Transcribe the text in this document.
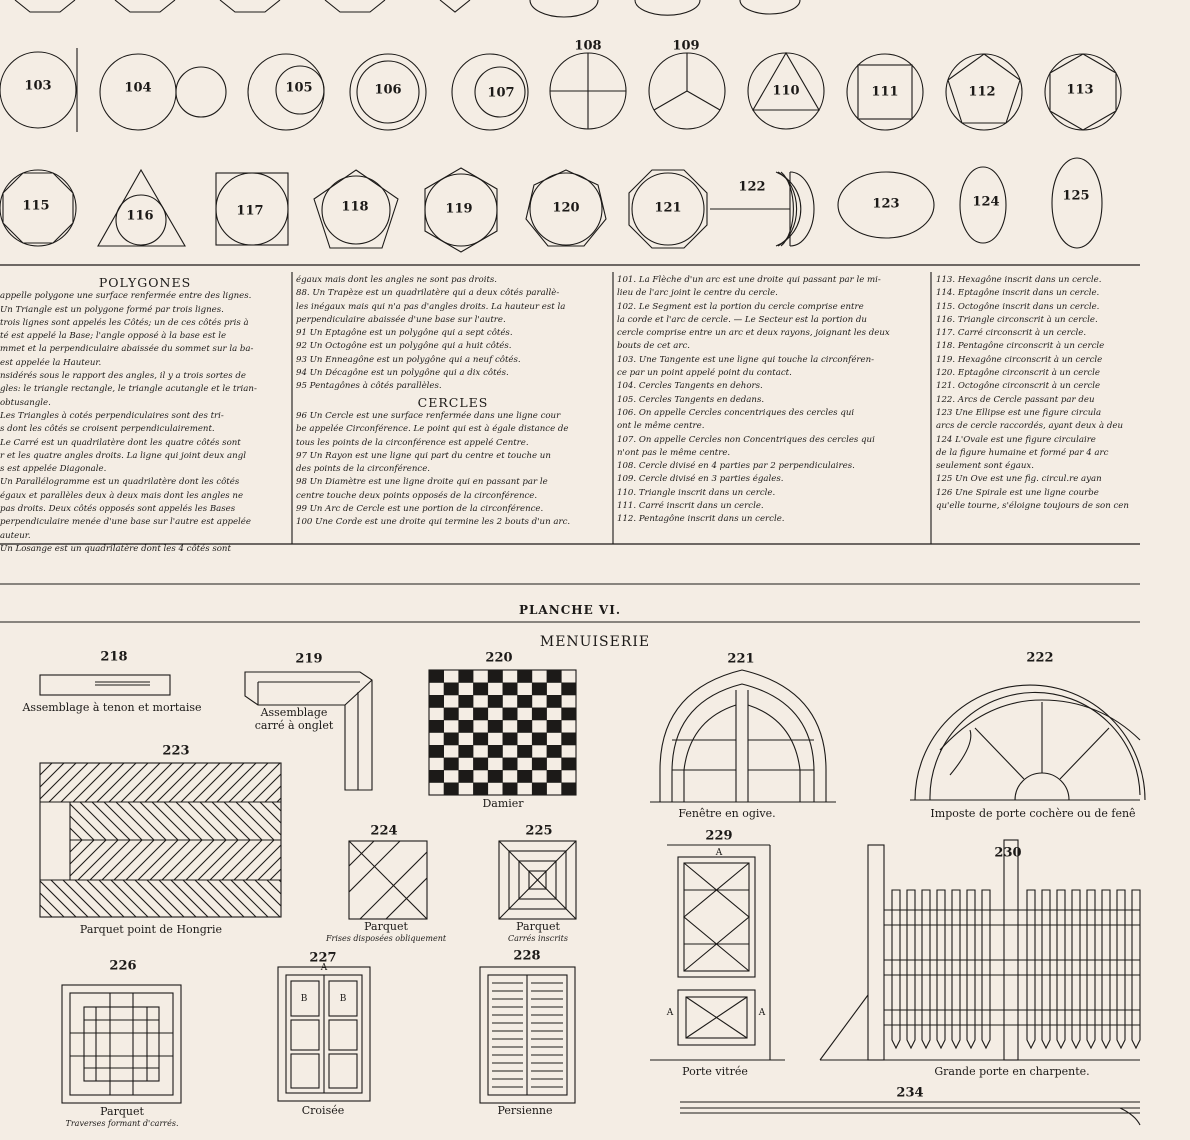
103	104	105	106	107
108	109
110	111	112	113
115
116	117	118	119	120	121
122
123	124	125
POLYGONES

appelle polygone une surface renfermée entre des lignes.

Un Triangle est un polygone formé par trois lignes.

trois lignes sont appelés les Côtés; un de ces côtés pris à

té est appelé la Base; l'angle opposé à la base est le

mmet et la perpendiculaire abaissée du sommet sur la ba-

est appelée la Hauteur.

nsidérés sous le rapport des angles, il y a trois sortes de

gles: le triangle rectangle, le triangle acutangle et le trian-

obtusangle.

Les Triangles à cotés perpendiculaires sont des tri-

s dont les côtés se croisent perpendiculairement.

Le Carré est un quadrilatère dont les quatre côtés sont

r et les quatre angles droits. La ligne qui joint deux angl

s est appelée Diagonale.

Un Parallélogramme est un quadrilatère dont les côtés

égaux et parallèles deux à deux mais dont les angles ne

pas droits. Deux côtés opposés sont appelés les Bases

perpendiculaire menée d'une base sur l'autre est appelée

auteur.

Un Losange est un quadrilatère dont les 4 côtés sont

égaux mais dont les angles ne sont pas droits.

88. Un Trapèze est un quadrilatère qui a deux côtés parallè-

les inégaux mais qui n'a pas d'angles droits. La hauteur est la

perpendiculaire abaissée d'une base sur l'autre.

91 Un Eptagône est un polygône qui a sept côtés.

92 Un Octogône est un polygône qui a huit côtés.

93 Un Enneagône est un polygône qui a neuf côtés.

94 Un Décagône est un polygône qui a dix côtés.

95 Pentagônes à côtés parallèles.

CERCLES

96 Un Cercle est une surface renfermée dans une ligne cour

be appelée Circonférence. Le point qui est à égale distance de

tous les points de la circonférence est appelé Centre.

97 Un Rayon est une ligne qui part du centre et touche un

des points de la circonférence.

98 Un Diamètre est une ligne droite qui en passant par le

centre touche deux points opposés de la circonférence.

99 Un Arc de Cercle est une portion de la circonférence.

100 Une Corde est une droite qui termine les 2 bouts d'un arc.

101. La Flèche d'un arc est une droite qui passant par le mi-

lieu de l'arc joint le centre du cercle.

102. Le Segment est la portion du cercle comprise entre

la corde et l'arc de cercle. — Le Secteur est la portion du

cercle comprise entre un arc et deux rayons, joignant les deux

bouts de cet arc.

103. Une Tangente est une ligne qui touche la circonféren-

ce par un point appelé point du contact.

104. Cercles Tangents en dehors.

105. Cercles Tangents en dedans.

106. On appelle Cercles concentriques des cercles qui

ont le même centre.

107. On appelle Cercles non Concentriques des cercles qui

n'ont pas le même centre.

108. Cercle divisé en 4 parties par 2 perpendiculaires.

109. Cercle divisé en 3 parties égales.

110. Triangle inscrit dans un cercle.

111. Carré inscrit dans un cercle.

112. Pentagône inscrit dans un cercle.

113. Hexagône inscrit dans un cercle.

114. Eptagône inscrit dans un cercle.

115. Octogône inscrit dans un cercle.

116. Triangle circonscrit à un cercle.

117. Carré circonscrit à un cercle.

118. Pentagône circonscrit à un cercle

119. Hexagône circonscrit à un cercle

120. Eptagône circonscrit à un cercle

121. Octogône circonscrit à un cercle

122. Arcs de Cercle passant par deu

123 Une Ellipse est une figure circula

arcs de cercle raccordés, ayant deux à deu

124 L'Ovale est une figure circulaire

de la figure humaine et formé par 4 arc

seulement sont égaux.

125 Un Ove est une fig. circul.re ayan

126 Une Spirale est une ligne courbe

qu'elle tourne, s'éloigne toujours de son cen

PLANCHE VI.
MENUISERIE
218
Assemblage à tenon et mortaise
219
Assemblage
carré à onglet
220
Damier
221
Fenêtre en ogive.
222
Imposte de porte cochère ou de fenê
223
Parquet point de Hongrie
224
Parquet
Frises disposées obliquement
225
Parquet
Carrés inscrits
226
Parquet
Traverses formant d'carrés.
227
Croisée
228
Persienne
229
Porte vitrée
A
A	A
230
Grande porte en charpente.
A
B	B
234
